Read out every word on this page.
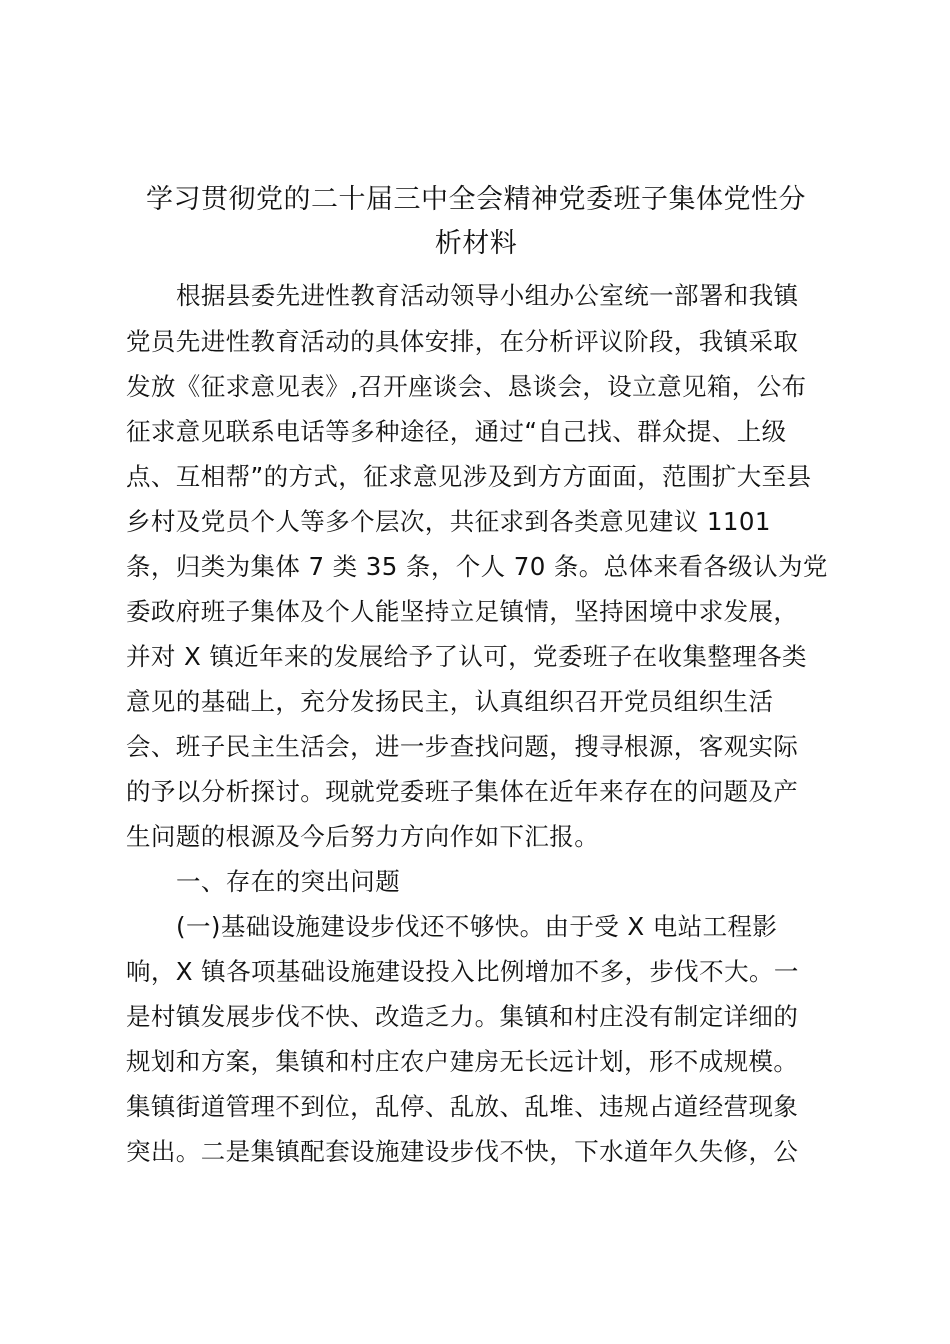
学习贯彻党的二十届三中全会精神党委班子集体党性分
析材料
根据县委先进性教育活动领导小组办公室统一部署和我镇
党员先进性教育活动的具体安排，在分析评议阶段，我镇采取
发放《征求意见表》,召开座谈会、恳谈会，设立意见箱，公布
征求意见联系电话等多种途径，通过“自己找、群众提、上级
点、互相帮”的方式，征求意见涉及到方方面面，范围扩大至县
乡村及党员个人等多个层次，共征求到各类意见建议 1101
条，归类为集体 7 类 35 条，个人 70 条。总体来看各级认为党
委政府班子集体及个人能坚持立足镇情，坚持困境中求发展，
并对 X 镇近年来的发展给予了认可，党委班子在收集整理各类
意见的基础上，充分发扬民主，认真组织召开党员组织生活
会、班子民主生活会，进一步查找问题，搜寻根源，客观实际
的予以分析探讨。现就党委班子集体在近年来存在的问题及产
生问题的根源及今后努力方向作如下汇报。
一、存在的突出问题
(一)基础设施建设步伐还不够快。由于受 X 电站工程影
响，X 镇各项基础设施建设投入比例增加不多，步伐不大。一
是村镇发展步伐不快、改造乏力。集镇和村庄没有制定详细的
规划和方案，集镇和村庄农户建房无长远计划，形不成规模。
集镇街道管理不到位，乱停、乱放、乱堆、违规占道经营现象
突出。二是集镇配套设施建设步伐不快，下水道年久失修，公
